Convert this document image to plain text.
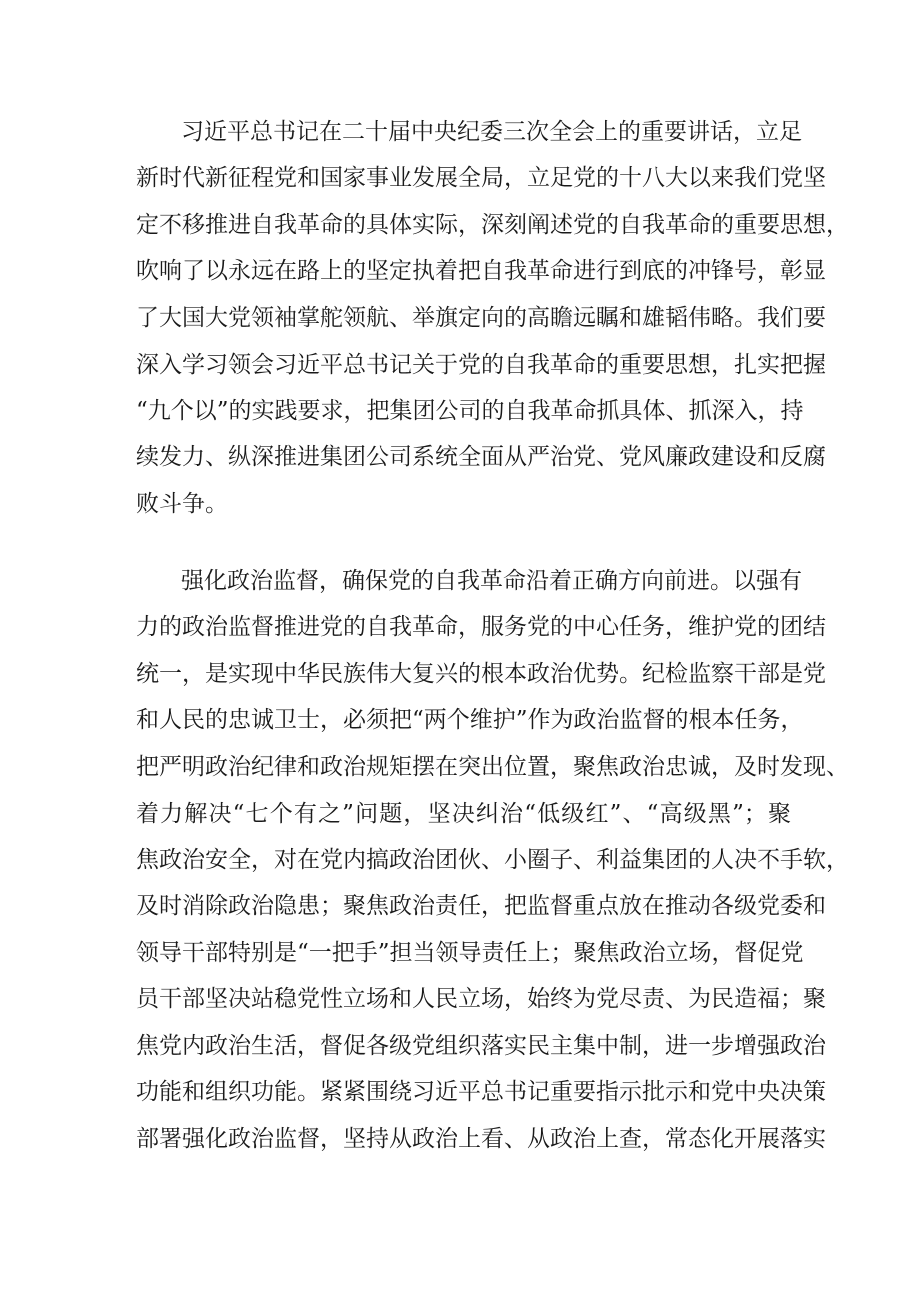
习近平总书记在二十届中央纪委三次全会上的重要讲话，立足
新时代新征程党和国家事业发展全局，立足党的十八大以来我们党坚
定不移推进自我革命的具体实际，深刻阐述党的自我革命的重要思想，
吹响了以永远在路上的坚定执着把自我革命进行到底的冲锋号，彰显
了大国大党领袖掌舵领航、举旗定向的高瞻远瞩和雄韬伟略。我们要
深入学习领会习近平总书记关于党的自我革命的重要思想，扎实把握
“九个以”的实践要求，把集团公司的自我革命抓具体、抓深入，持
续发力、纵深推进集团公司系统全面从严治党、党风廉政建设和反腐
败斗争。
强化政治监督，确保党的自我革命沿着正确方向前进。以强有
力的政治监督推进党的自我革命，服务党的中心任务，维护党的团结
统一，是实现中华民族伟大复兴的根本政治优势。纪检监察干部是党
和人民的忠诚卫士，必须把“两个维护”作为政治监督的根本任务，
把严明政治纪律和政治规矩摆在突出位置，聚焦政治忠诚，及时发现、
着力解决“七个有之”问题，坚决纠治“低级红”、“高级黑”；聚
焦政治安全，对在党内搞政治团伙、小圈子、利益集团的人决不手软，
及时消除政治隐患；聚焦政治责任，把监督重点放在推动各级党委和
领导干部特别是“一把手”担当领导责任上；聚焦政治立场，督促党
员干部坚决站稳党性立场和人民立场，始终为党尽责、为民造福；聚
焦党内政治生活，督促各级党组织落实民主集中制，进一步增强政治
功能和组织功能。紧紧围绕习近平总书记重要指示批示和党中央决策
部署强化政治监督，坚持从政治上看、从政治上查，常态化开展落实
